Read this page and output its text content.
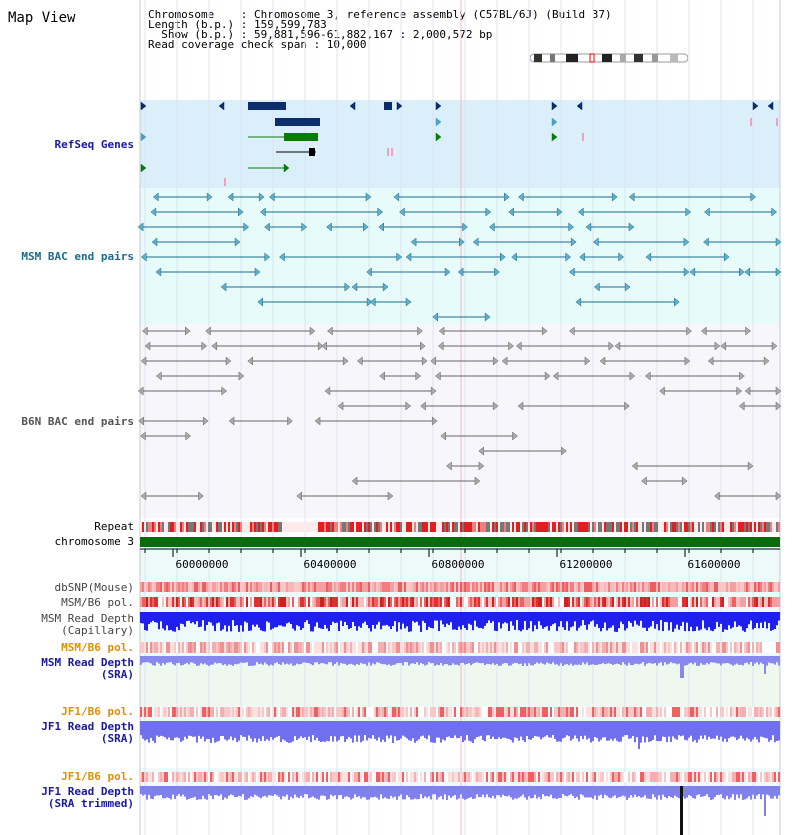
Map View	Chromosome    : Chromosome 3, reference assembly (C57BL/6J) (Build 37)
Length (b.p.) : 159,599,783
Show (b.p.) : 59,881,596-61,882,167 : 2,000,572 bp
Read coverage check span : 10,000
60000000	60400000	60800000	61200000	61600000
RefSeq Genes
MSM BAC end pairs
B6N BAC end pairs
Repeat
chromosome 3
dbSNP(Mouse)
MSM/B6 pol.
MSM Read Depth
(Capillary)
MSM/B6 pol.
MSM Read Depth
(SRA)
JF1/B6 pol.
JF1 Read Depth
(SRA)
JF1/B6 pol.
JF1 Read Depth
(SRA trimmed)
